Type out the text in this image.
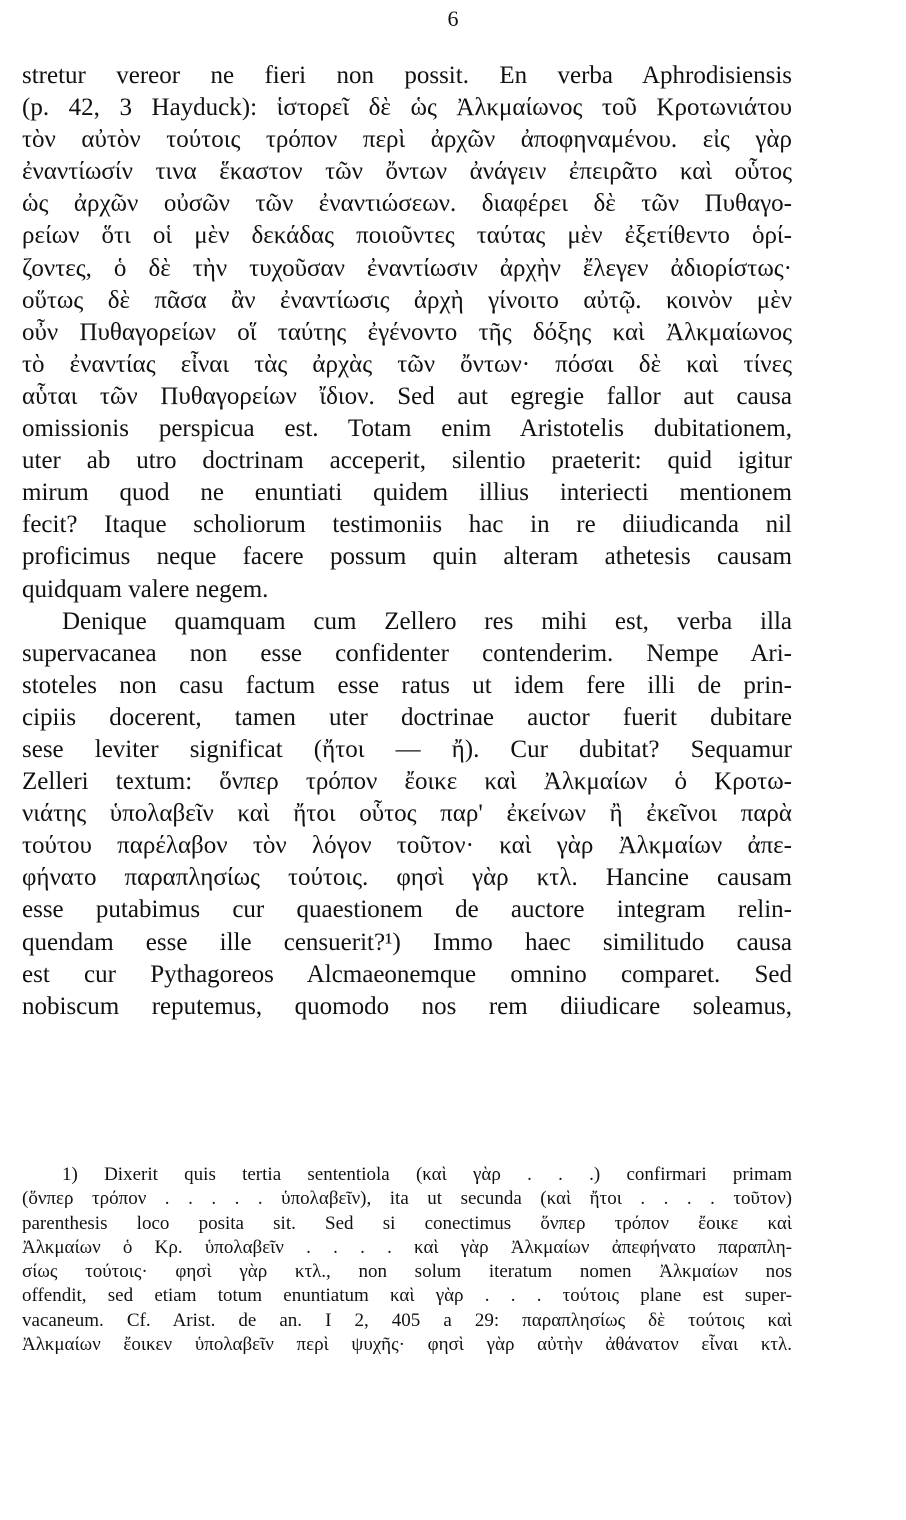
6
stretur vereor ne fieri non possit. En verba Aphrodisiensis
(p. 42, 3 Hayduck): ἱστορεῖ δὲ ὡς Ἀλκμαίωνος τοῦ Κροτωνιάτου
τὸν αὐτὸν τούτοις τρόπον περὶ ἀρχῶν ἀποφηναμένου. εἰς γὰρ
ἐναντίωσίν τινα ἕκαστον τῶν ὄντων ἀνάγειν ἐπειρᾶτο καὶ οὗτος
ὡς ἀρχῶν οὐσῶν τῶν ἐναντιώσεων. διαφέρει δὲ τῶν Πυθαγο-
ρείων ὅτι οἱ μὲν δεκάδας ποιοῦντες ταύτας μὲν ἐξετίθεντο ὁρί-
ζοντες, ὁ δὲ τὴν τυχοῦσαν ἐναντίωσιν ἀρχὴν ἔλεγεν ἀδιορίστως·
οὕτως δὲ πᾶσα ἂν ἐναντίωσις ἀρχὴ γίνοιτο αὐτῷ. κοινὸν μὲν
οὖν Πυθαγορείων οἵ ταύτης ἐγένοντο τῆς δόξης καὶ Ἀλκμαίωνος
τὸ ἐναντίας εἶναι τὰς ἀρχὰς τῶν ὄντων· πόσαι δὲ καὶ τίνες
αὗται τῶν Πυθαγορείων ἴδιον. Sed aut egregie fallor aut causa
omissionis perspicua est. Totam enim Aristotelis dubitationem,
uter ab utro doctrinam acceperit, silentio praeterit: quid igitur
mirum quod ne enuntiati quidem illius interiecti mentionem
fecit? Itaque scholiorum testimoniis hac in re diiudicanda nil
proficimus neque facere possum quin alteram athetesis causam
quidquam valere negem.
Denique quamquam cum Zellero res mihi est, verba illa
supervacanea non esse confidenter contenderim. Nempe Ari-
stoteles non casu factum esse ratus ut idem fere illi de prin-
cipiis docerent, tamen uter doctrinae auctor fuerit dubitare
sese leviter significat (ἤτοι — ἤ). Cur dubitat? Sequamur
Zelleri textum: ὅνπερ τρόπον ἔοικε καὶ Ἀλκμαίων ὁ Κροτω-
νιάτης ὑπολαβεῖν καὶ ἤτοι οὗτος παρ' ἐκείνων ἢ ἐκεῖνοι παρὰ
τούτου παρέλαβον τὸν λόγον τοῦτον· καὶ γὰρ Ἀλκμαίων ἀπε-
φήνατο παραπλησίως τούτοις. φησὶ γὰρ κτλ. Hancine causam
esse putabimus cur quaestionem de auctore integram relin-
quendam esse ille censuerit?¹) Immo haec similitudo causa
est cur Pythagoreos Alcmaeonemque omnino comparet. Sed
nobiscum reputemus, quomodo nos rem diiudicare soleamus,
1) Dixerit quis tertia sententiola (καὶ γὰρ . . .) confirmari primam
(ὅνπερ τρόπον . . . . . ὑπολαβεῖν), ita ut secunda (καὶ ἤτοι . . . . τοῦτον)
parenthesis loco posita sit. Sed si conectimus ὅνπερ τρόπον ἔοικε καὶ
Ἀλκμαίων ὁ Κρ. ὑπολαβεῖν . . . . καὶ γὰρ Ἀλκμαίων ἀπεφήνατο παραπλη-
σίως τούτοις· φησὶ γὰρ κτλ., non solum iteratum nomen Ἀλκμαίων nos
offendit, sed etiam totum enuntiatum καὶ γὰρ . . . τούτοις plane est super-
vacaneum. Cf. Arist. de an. I 2, 405 a 29: παραπλησίως δὲ τούτοις καὶ
Ἀλκμαίων ἔοικεν ὑπολαβεῖν περὶ ψυχῆς· φησὶ γὰρ αὐτὴν ἀθάνατον εἶναι κτλ.
